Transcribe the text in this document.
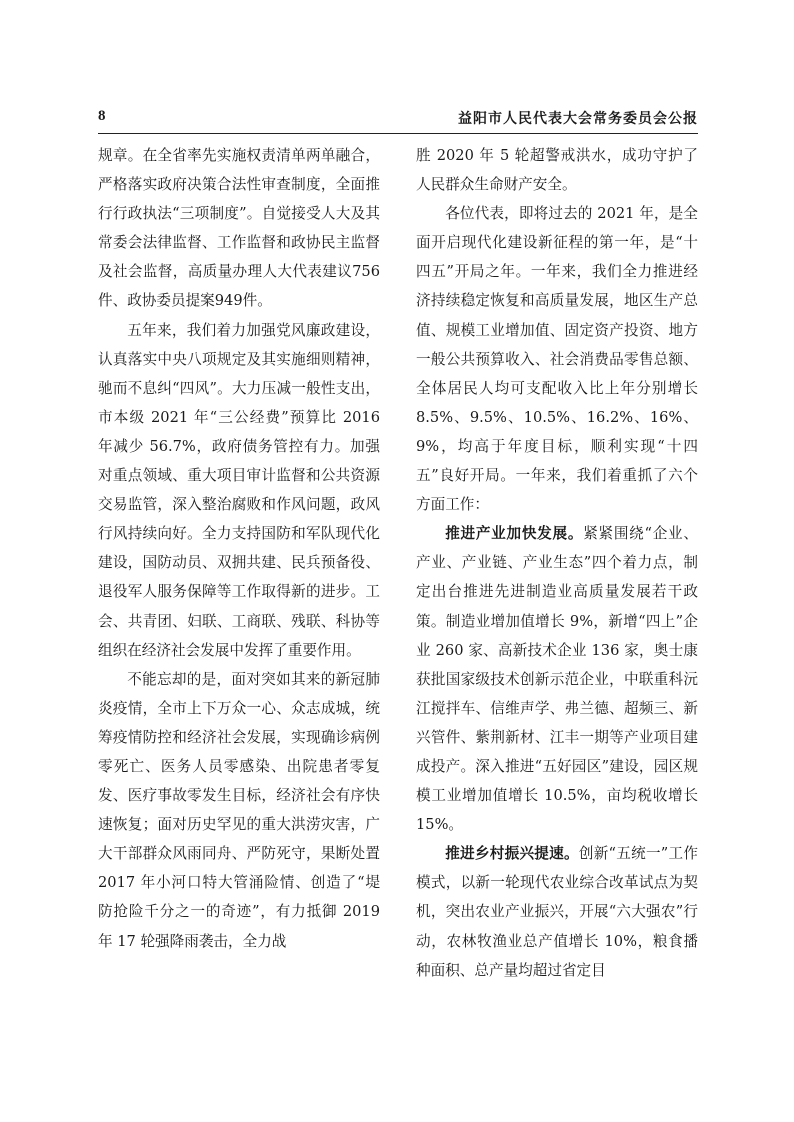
8	益阳市人民代表大会常务委员会公报

规章。在全省率先实施权责清单两单融合，严格落实政府决策合法性审查制度，全面推行行政执法“三项制度”。自觉接受人大及其常委会法律监督、工作监督和政协民主监督及社会监督，高质量办理人大代表建议756件、政协委员提案949件。

五年来，我们着力加强党风廉政建设，认真落实中央八项规定及其实施细则精神，驰而不息纠“四风”。大力压减一般性支出，市本级 2021 年“三公经费”预算比 2016 年减少 56.7%，政府债务管控有力。加强对重点领域、重大项目审计监督和公共资源交易监管，深入整治腐败和作风问题，政风行风持续向好。全力支持国防和军队现代化建设，国防动员、双拥共建、民兵预备役、退役军人服务保障等工作取得新的进步。工会、共青团、妇联、工商联、残联、科协等组织在经济社会发展中发挥了重要作用。

不能忘却的是，面对突如其来的新冠肺炎疫情，全市上下万众一心、众志成城，统筹疫情防控和经济社会发展，实现确诊病例零死亡、医务人员零感染、出院患者零复发、医疗事故零发生目标，经济社会有序快速恢复；面对历史罕见的重大洪涝灾害，广大干部群众风雨同舟、严防死守，果断处置 2017 年小河口特大管涌险情、创造了“堤防抢险千分之一的奇迹”，有力抵御 2019 年 17 轮强降雨袭击，全力战

胜 2020 年 5 轮超警戒洪水，成功守护了人民群众生命财产安全。

各位代表，即将过去的 2021 年，是全面开启现代化建设新征程的第一年，是“十四五”开局之年。一年来，我们全力推进经济持续稳定恢复和高质量发展，地区生产总值、规模工业增加值、固定资产投资、地方一般公共预算收入、社会消费品零售总额、全体居民人均可支配收入比上年分别增长 8.5%、9.5%、10.5%、16.2%、16%、9%，均高于年度目标，顺利实现“十四五”良好开局。一年来，我们着重抓了六个方面工作：

推进产业加快发展。紧紧围绕“企业、产业、产业链、产业生态”四个着力点，制定出台推进先进制造业高质量发展若干政策。制造业增加值增长 9%，新增“四上”企业 260 家、高新技术企业 136 家，奥士康获批国家级技术创新示范企业，中联重科沅江搅拌车、信维声学、弗兰德、超频三、新兴管件、紫荆新材、江丰一期等产业项目建成投产。深入推进“五好园区”建设，园区规模工业增加值增长 10.5%，亩均税收增长 15%。

推进乡村振兴提速。创新“五统一”工作模式，以新一轮现代农业综合改革试点为契机，突出农业产业振兴，开展“六大强农”行动，农林牧渔业总产值增长 10%，粮食播种面积、总产量均超过省定目
